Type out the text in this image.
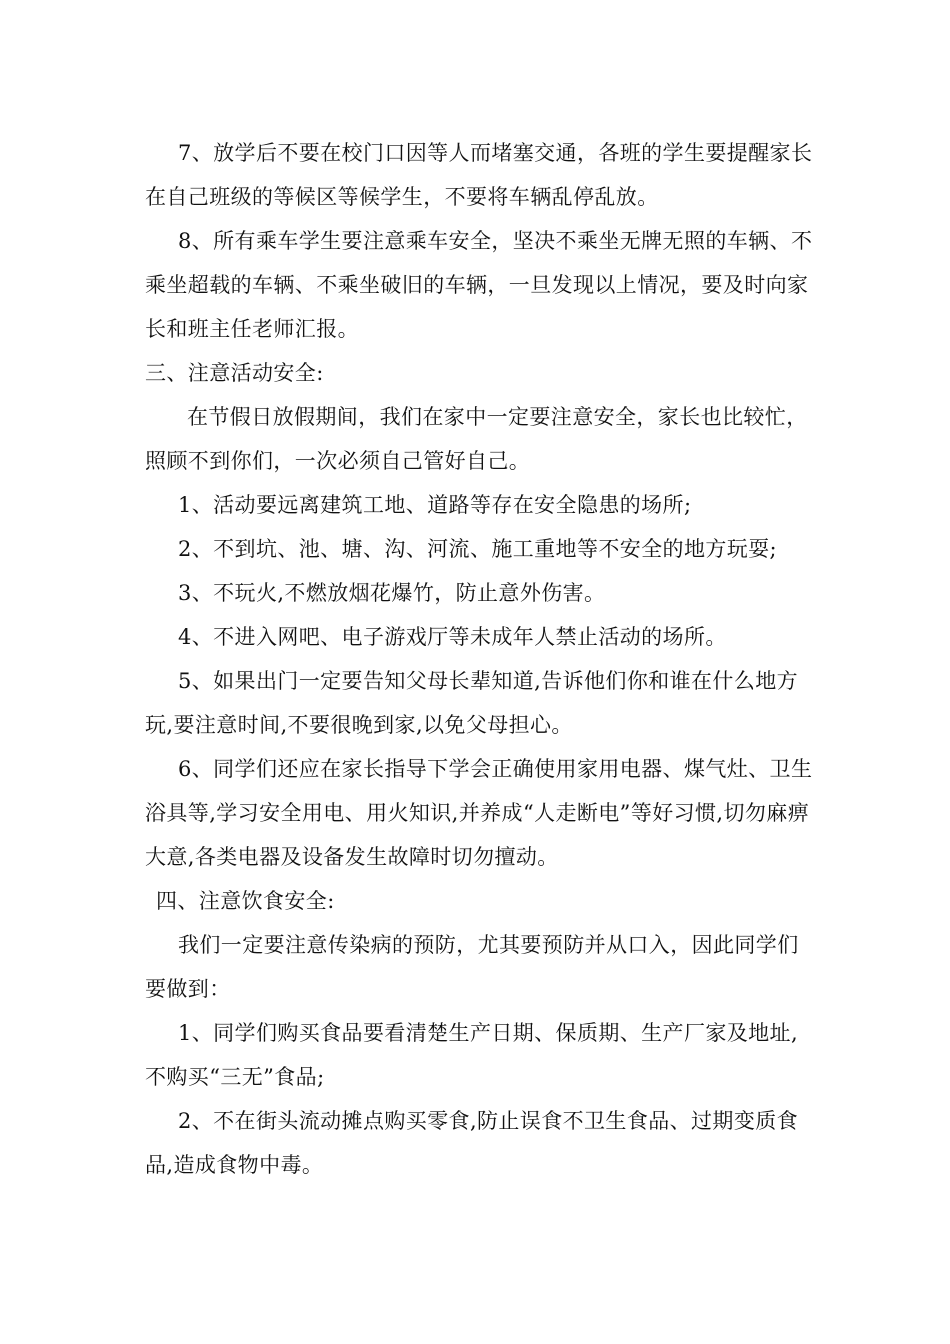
7、放学后不要在校门口因等人而堵塞交通，各班的学生要提醒家长在自己班级的等候区等候学生，不要将车辆乱停乱放。

8、所有乘车学生要注意乘车安全，坚决不乘坐无牌无照的车辆、不乘坐超载的车辆、不乘坐破旧的车辆，一旦发现以上情况，要及时向家长和班主任老师汇报。

三、注意活动安全:

在节假日放假期间，我们在家中一定要注意安全，家长也比较忙，照顾不到你们，一次必须自己管好自己。

1、活动要远离建筑工地、道路等存在安全隐患的场所;

2、不到坑、池、塘、沟、河流、施工重地等不安全的地方玩耍;

3、不玩火,不燃放烟花爆竹，防止意外伤害。

4、不进入网吧、电子游戏厅等未成年人禁止活动的场所。

5、如果出门一定要告知父母长辈知道,告诉他们你和谁在什么地方玩,要注意时间,不要很晚到家,以免父母担心。

6、同学们还应在家长指导下学会正确使用家用电器、煤气灶、卫生浴具等,学习安全用电、用火知识,并养成“人走断电”等好习惯,切勿麻痹大意,各类电器及设备发生故障时切勿擅动。

四、注意饮食安全:

我们一定要注意传染病的预防，尤其要预防并从口入，因此同学们要做到：

1、同学们购买食品要看清楚生产日期、保质期、生产厂家及地址,不购买“三无”食品;

2、不在街头流动摊点购买零食,防止误食不卫生食品、过期变质食品,造成食物中毒。
